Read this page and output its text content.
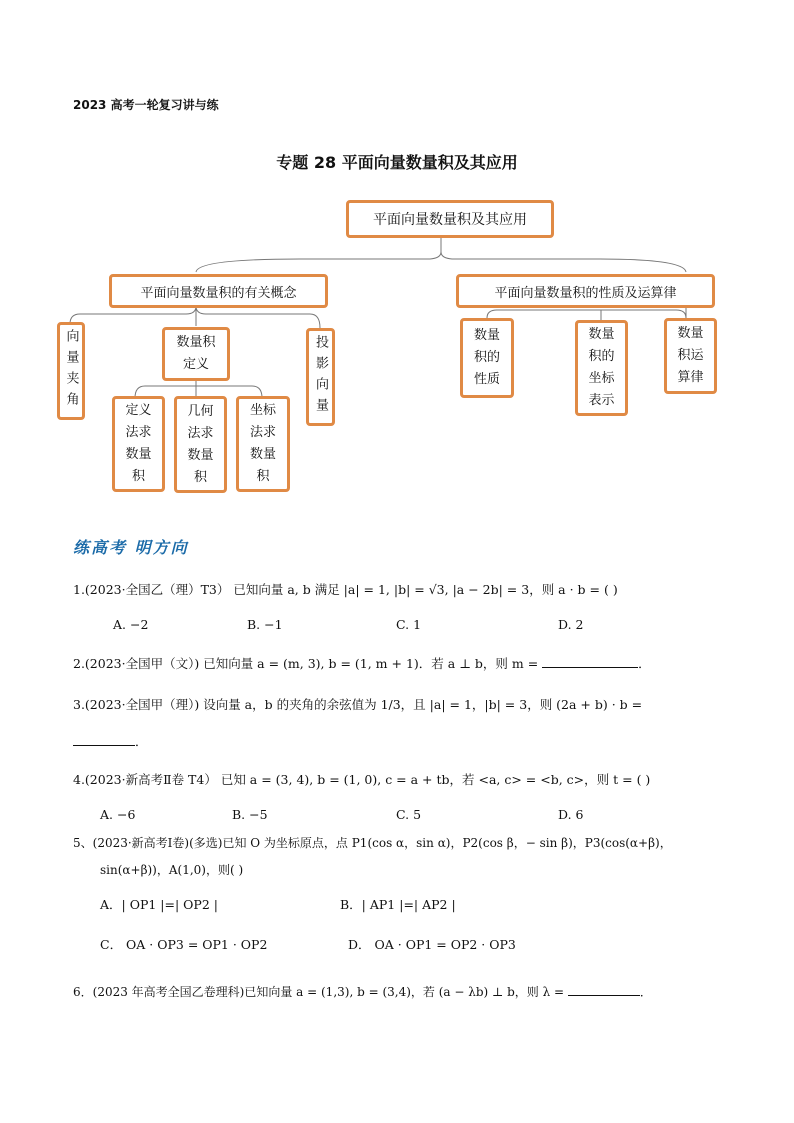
2023 高考一轮复习讲与练
专题 28 平面向量数量积及其应用
平面向量数量积及其应用
平面向量数量积的有关概念	平面向量数量积的性质及运算律
向量夹角	数量积定义	投影向量
定义法求数量积
几何法求数量积
坐标法求数量积
数量积的性质
数量积的坐标表示
数量积运算律
练高考 明方向
1.(2023·全国乙（理）T3） 已知向量 a, b 满足 |a| = 1, |b| = √3, |a − 2b| = 3，则 a · b = ( )
A. −2	B. −1	C. 1	D. 2
2.(2023·全国甲（文）) 已知向量 a = (m, 3), b = (1, m + 1)．若 a ⊥ b，则 m =	．
3.(2023·全国甲（理）) 设向量 a，b 的夹角的余弦值为 1/3，且 |a| = 1，|b| = 3，则 (2a + b) · b =
．
4.(2023·新高考Ⅱ卷 T4） 已知 a = (3, 4), b = (1, 0), c = a + tb，若 <a, c> = <b, c>，则 t = ( )
A. −6	B. −5	C. 5	D. 6
5、(2023·新高考Ⅰ卷)(多选)已知 O 为坐标原点，点 P1(cos α，sin α)，P2(cos β，− sin β)，P3(cos(α+β)，
sin(α+β))，A(1,0)，则( )
A．| OP1 |=| OP2 |	B．| AP1 |=| AP2 |
C． OA · OP3 = OP1 · OP2	D． OA · OP1 = OP2 · OP3
6．(2023 年高考全国乙卷理科)已知向量 a = (1,3), b = (3,4)，若 (a − λb) ⊥ b，则 λ =	．
